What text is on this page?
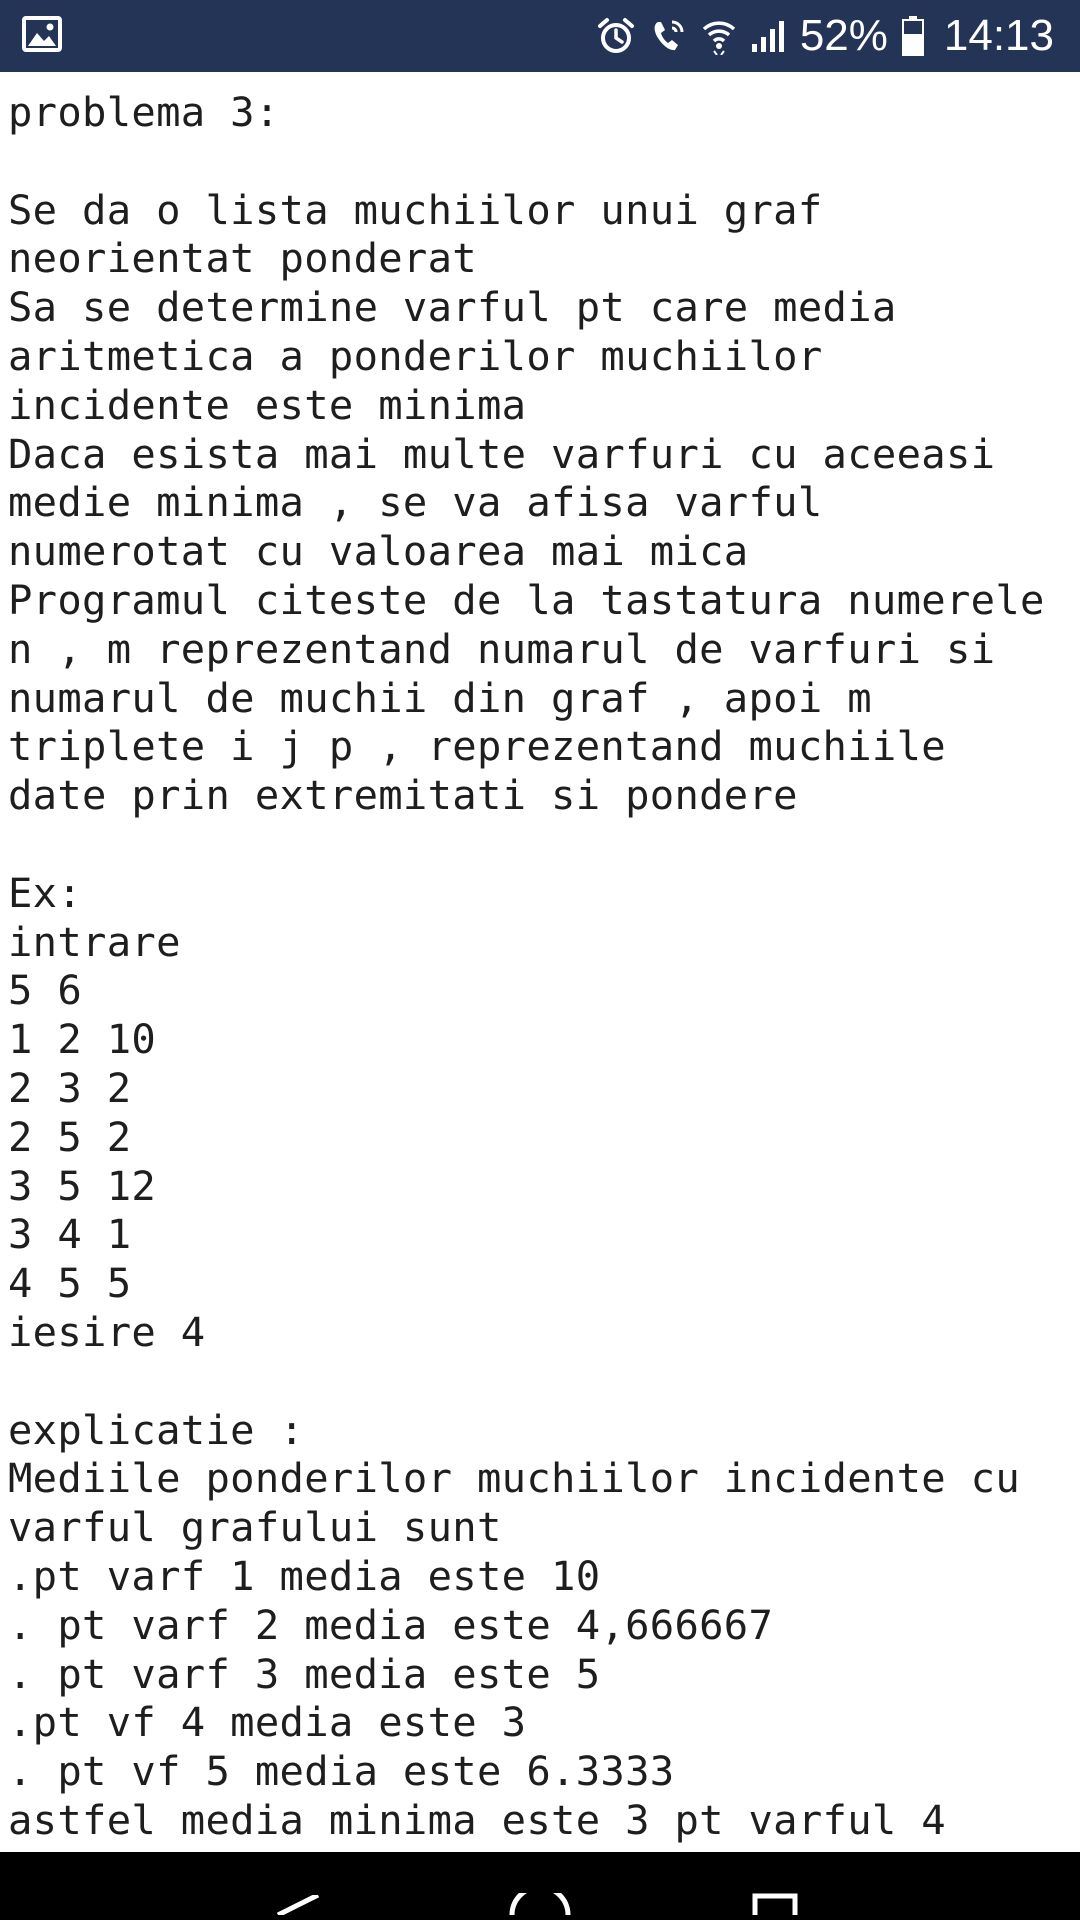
52% 14:13
problema 3:
Se da o lista muchiilor unui graf
neorientat ponderat
Sa se determine varful pt care media
aritmetica a ponderilor muchiilor
incidente este minima
Daca esista mai multe varfuri cu aceeasi
medie minima , se va afisa varful
numerotat cu valoarea mai mica
Programul citeste de la tastatura numerele
n , m reprezentand numarul de varfuri si
numarul de muchii din graf , apoi m
triplete i j p , reprezentand muchiile
date prin extremitati si pondere
Ex:
intrare
5 6
1 2 10
2 3 2
2 5 2
3 5 12
3 4 1
4 5 5
iesire 4
explicatie :
Mediile ponderilor muchiilor incidente cu
varful grafului sunt
.pt varf 1 media este 10
. pt varf 2 media este 4,666667
. pt varf 3 media este 5
.pt vf 4 media este 3
. pt vf 5 media este 6.3333
astfel media minima este 3 pt varful 4
